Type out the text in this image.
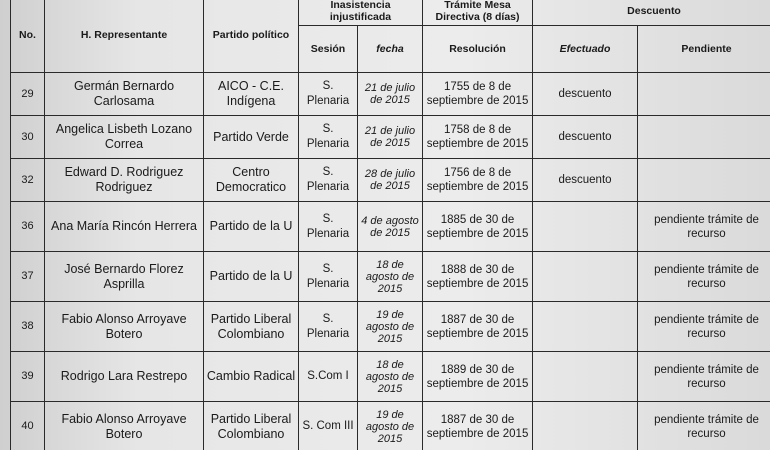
No.	H. Representante	Partido político	Inasistencia injustificada		Trámite Mesa Directiva (8 días)	Descuento	
			Sesión	fecha	Resolución	Efectuado	Pendiente
29	Germán Bernardo Carlosama	AICO - C.E. Indígena	S. Plenaria	21 de julio de 2015	1755 de 8 de septiembre de 2015	descuento	
30	Angelica Lisbeth Lozano Correa	Partido Verde	S. Plenaria	21 de julio de 2015	1758 de 8 de septiembre de 2015	descuento	
32	Edward D. Rodriguez Rodriguez	Centro Democratico	S. Plenaria	28 de julio de 2015	1756 de 8 de septiembre de 2015	descuento	
36	Ana María Rincón Herrera	Partido de la U	S. Plenaria	4 de agosto de 2015	1885 de 30 de septiembre de 2015		pendiente trámite de recurso
37	José Bernardo Florez Asprilla	Partido de la U	S. Plenaria	18 de agosto de 2015	1888 de 30 de septiembre de 2015		pendiente trámite de recurso
38	Fabio Alonso Arroyave Botero	Partido Liberal Colombiano	S. Plenaria	19 de agosto de 2015	1887 de 30 de septiembre de 2015		pendiente trámite de recurso
39	Rodrigo Lara Restrepo	Cambio Radical	S.Com I	18 de agosto de 2015	1889 de 30 de septiembre de 2015		pendiente trámite de recurso
40	Fabio Alonso Arroyave Botero	Partido Liberal Colombiano	S. Com III	19 de agosto de 2015	1887 de 30 de septiembre de 2015		pendiente trámite de recurso
